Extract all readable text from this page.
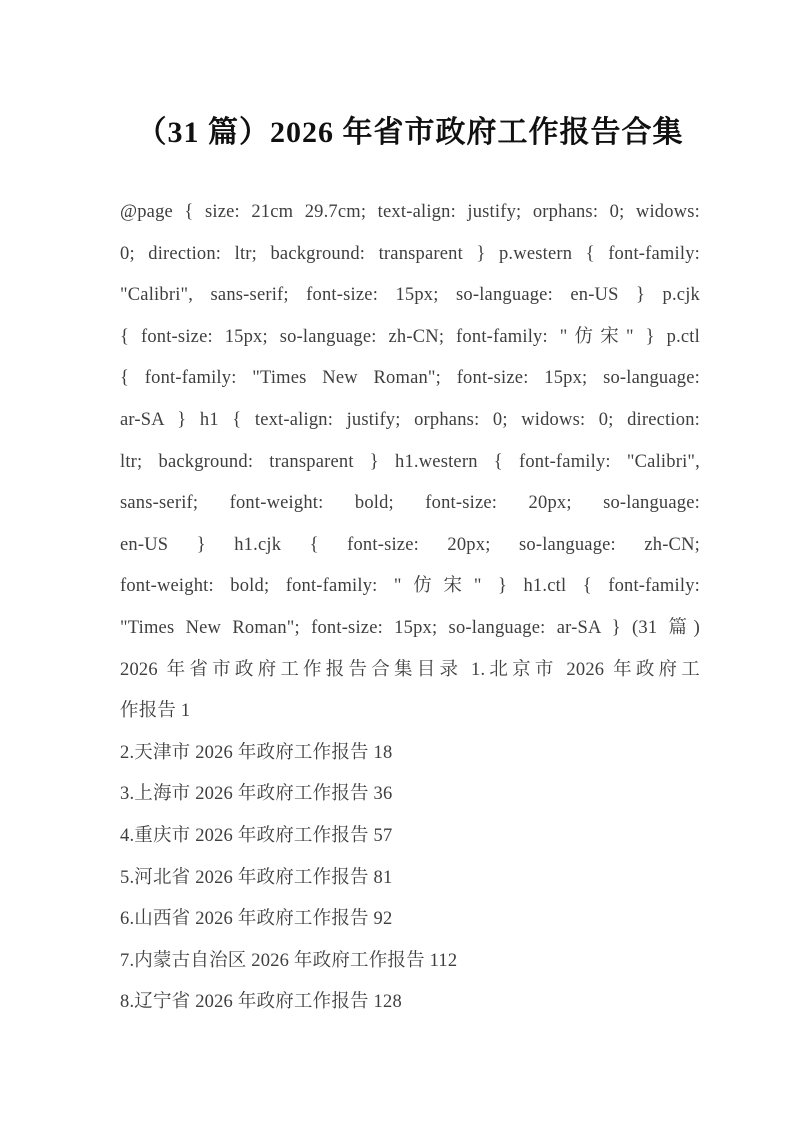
（31 篇）2026 年省市政府工作报告合集
@page { size: 21cm 29.7cm; text-align: justify; orphans: 0; widows:
0; direction: ltr; background: transparent } p.western { font-family:
"Calibri", sans-serif; font-size: 15px; so-language: en-US } p.cjk
{ font-size: 15px; so-language: zh-CN; font-family: "仿宋" } p.ctl
{ font-family: "Times New Roman"; font-size: 15px; so-language:
ar-SA } h1 { text-align: justify; orphans: 0; widows: 0; direction:
ltr; background: transparent } h1.western { font-family: "Calibri",
sans-serif; font-weight: bold; font-size: 20px; so-language:
en-US } h1.cjk { font-size: 20px; so-language: zh-CN;
font-weight: bold; font-family: "仿宋" } h1.ctl { font-family:
"Times New Roman"; font-size: 15px; so-language: ar-SA } (31 篇)
2026 年省市政府工作报告合集目录 1.北京市 2026 年政府工
作报告 1
2.天津市 2026 年政府工作报告 18
3.上海市 2026 年政府工作报告 36
4.重庆市 2026 年政府工作报告 57
5.河北省 2026 年政府工作报告 81
6.山西省 2026 年政府工作报告 92
7.内蒙古自治区 2026 年政府工作报告 112
8.辽宁省 2026 年政府工作报告 128
